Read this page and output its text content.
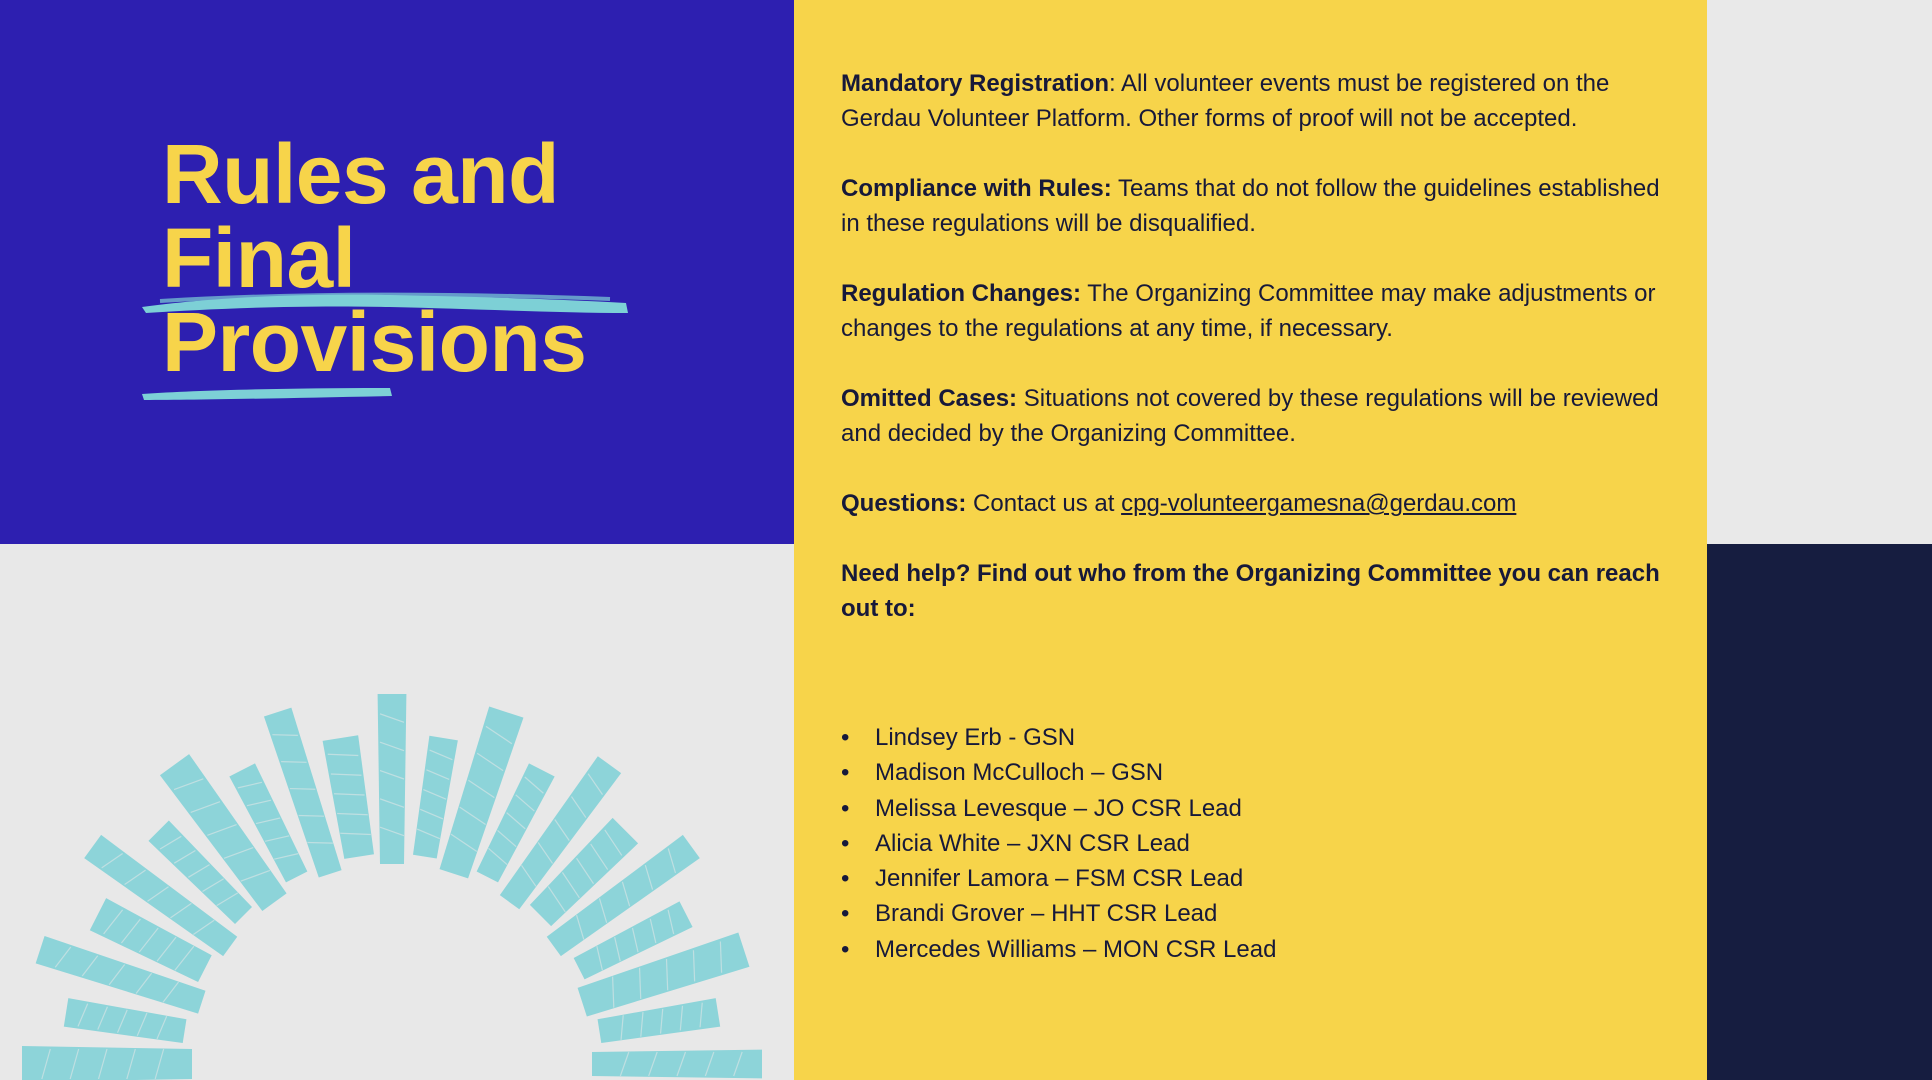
Rules and
Final
Provisions

Mandatory Registration: All volunteer events must be registered on the Gerdau Volunteer Platform. Other forms of proof will not be accepted.

Compliance with Rules: Teams that do not follow the guidelines established in these regulations will be disqualified.

Regulation Changes: The Organizing Committee may make adjustments or changes to the regulations at any time, if necessary.

Omitted Cases: Situations not covered by these regulations will be reviewed and decided by the Organizing Committee.

Questions: Contact us at cpg-volunteergamesna@gerdau.com

Need help? Find out who from the Organizing Committee you can reach out to:

• Lindsey Erb - GSN
• Madison McCulloch – GSN
• Melissa Levesque – JO CSR Lead
• Alicia White – JXN CSR Lead
• Jennifer Lamora – FSM CSR Lead
• Brandi Grover – HHT CSR Lead
• Mercedes Williams – MON CSR Lead
